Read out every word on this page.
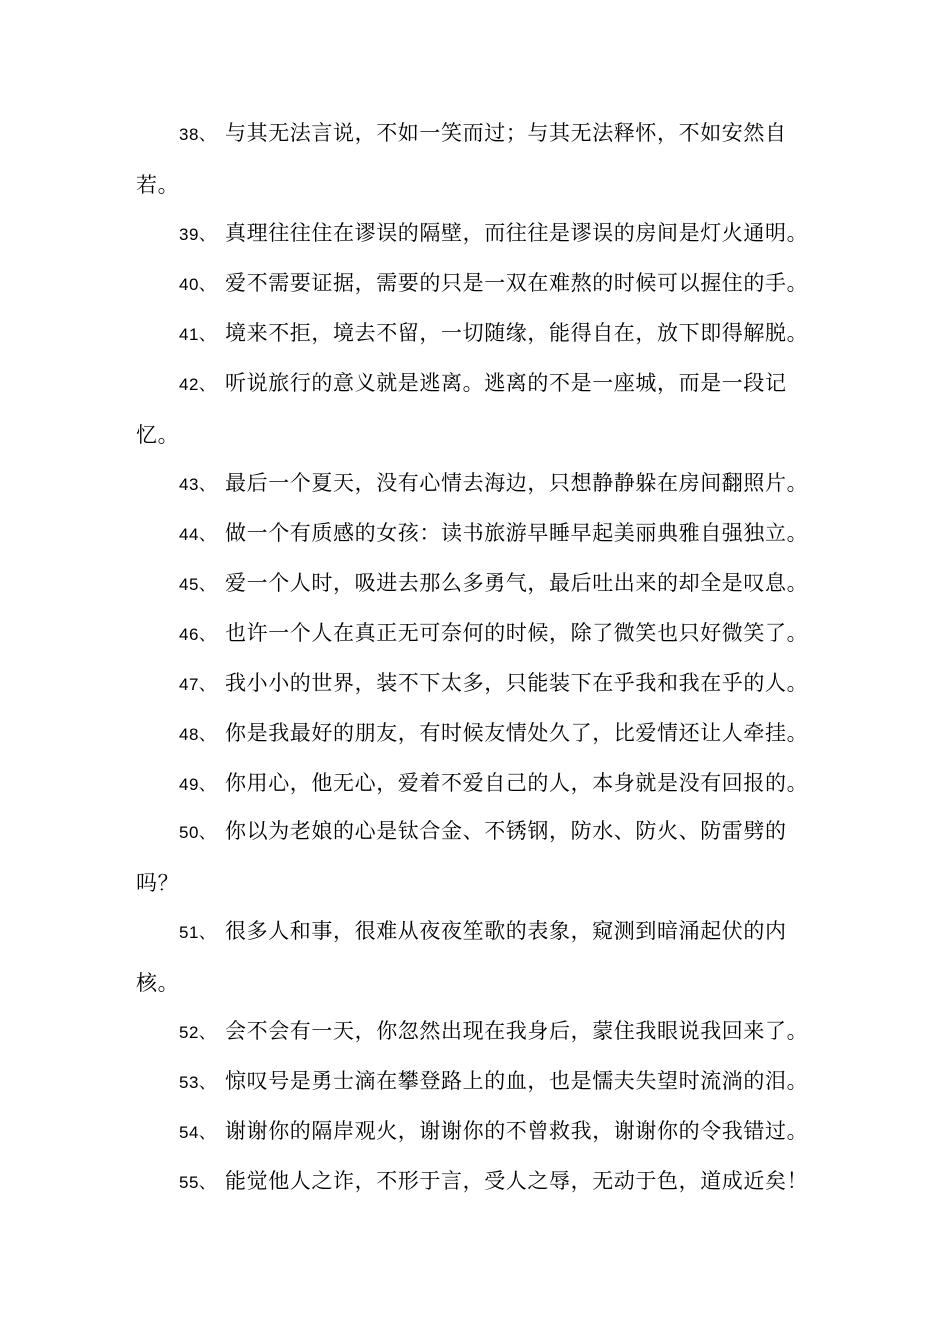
38、 与其无法言说，不如一笑而过；与其无法释怀，不如安然自
若。

39、 真理往往住在谬误的隔壁，而往往是谬误的房间是灯火通明。

40、 爱不需要证据，需要的只是一双在难熬的时候可以握住的手。

41、 境来不拒，境去不留，一切随缘，能得自在，放下即得解脱。

42、 听说旅行的意义就是逃离。逃离的不是一座城，而是一段记
忆。

43、 最后一个夏天，没有心情去海边，只想静静躲在房间翻照片。

44、 做一个有质感的女孩：读书旅游早睡早起美丽典雅自强独立。

45、 爱一个人时，吸进去那么多勇气，最后吐出来的却全是叹息。

46、 也许一个人在真正无可奈何的时候，除了微笑也只好微笑了。

47、 我小小的世界，装不下太多，只能装下在乎我和我在乎的人。

48、 你是我最好的朋友，有时候友情处久了，比爱情还让人牵挂。

49、 你用心，他无心，爱着不爱自己的人，本身就是没有回报的。

50、 你以为老娘的心是钛合金、不锈钢，防水、防火、防雷劈的
吗？

51、 很多人和事，很难从夜夜笙歌的表象，窥测到暗涌起伏的内
核。

52、 会不会有一天，你忽然出现在我身后，蒙住我眼说我回来了。

53、 惊叹号是勇士滴在攀登路上的血，也是懦夫失望时流淌的泪。

54、 谢谢你的隔岸观火，谢谢你的不曾救我，谢谢你的令我错过。

55、 能觉他人之诈，不形于言，受人之辱，无动于色，道成近矣！
